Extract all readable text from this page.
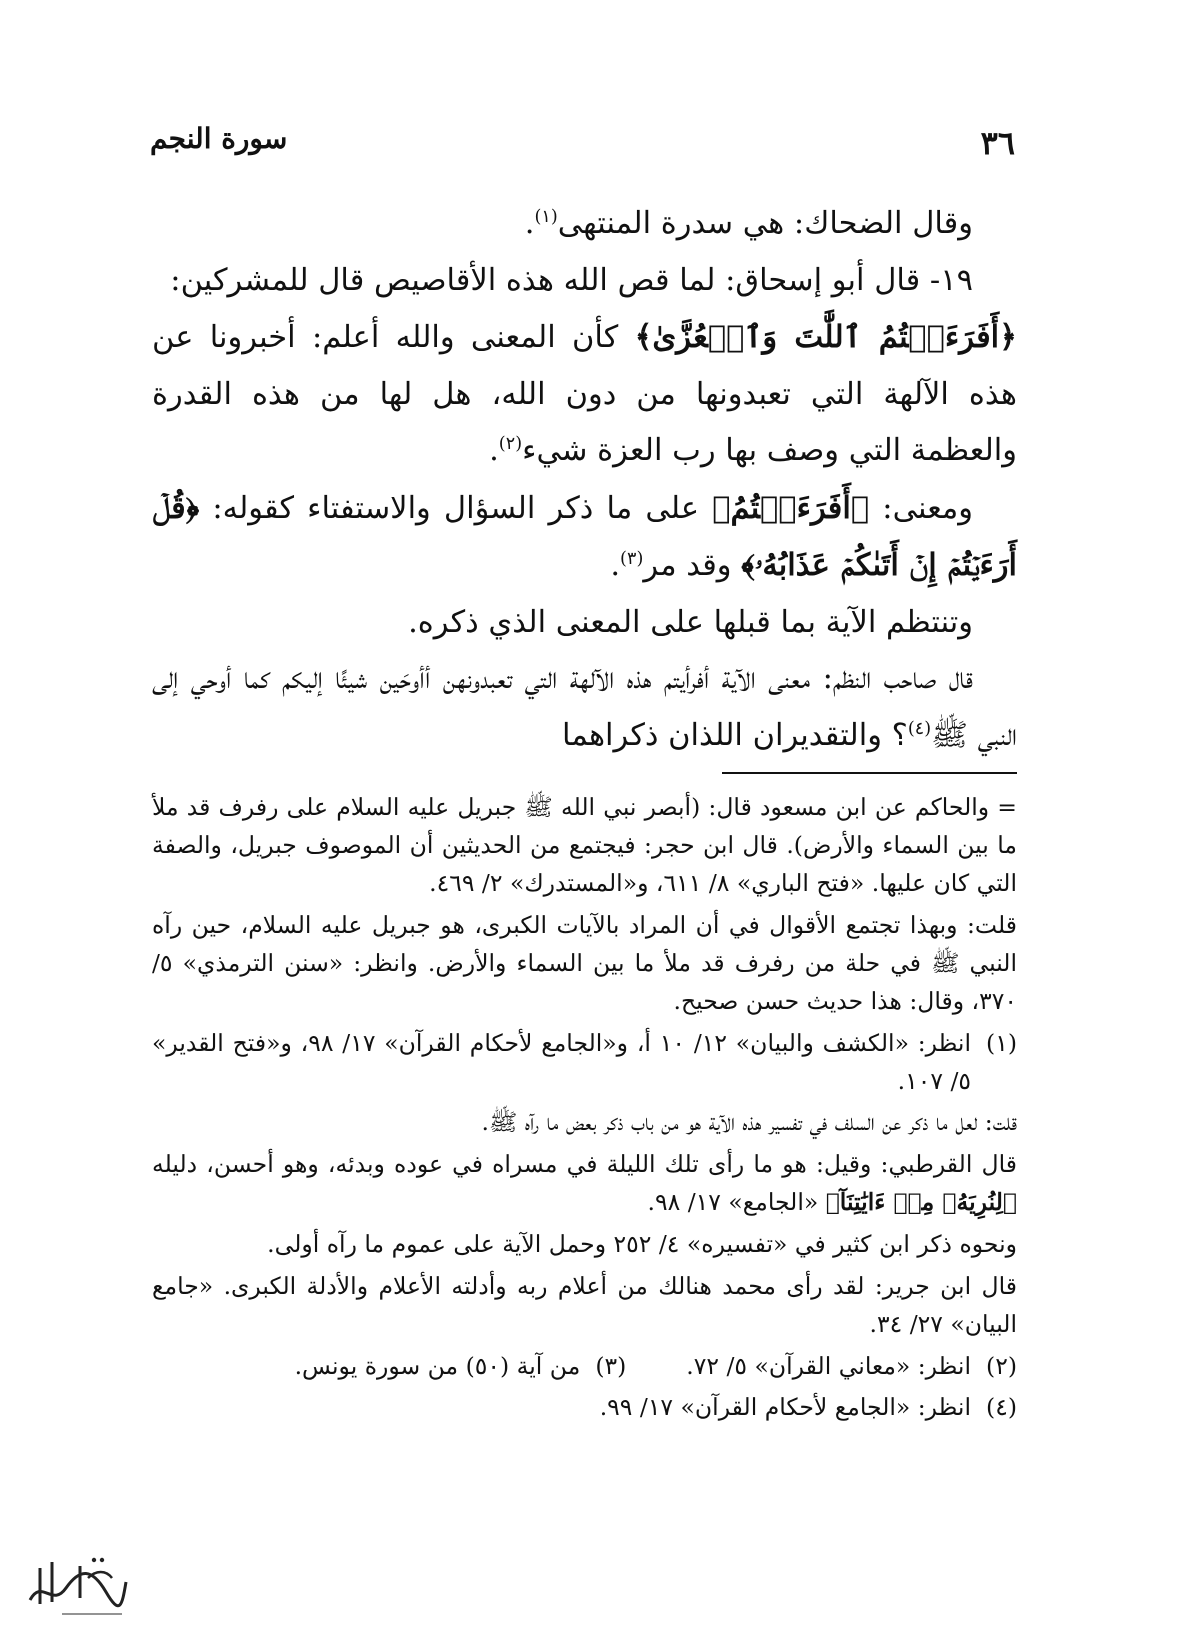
٣٦
سورة النجم

وقال الضحاك: هي سدرة المنتهى$^{(١)}$.

١٩- قال أبو إسحاق: لما قص الله هذه الأقاصيص قال للمشركين:

﴿أَفَرَءَيۡتُمُ ٱللَّٰتَ وَٱلۡعُزَّىٰ﴾ كأن المعنى والله أعلم: أخبرونا عن هذه الآلهة التي تعبدونها من دون الله، هل لها من هذه القدرة والعظمة التي وصف بها رب العزة شيء$^{(٢)}$.

ومعنى: ﴿أَفَرَءَيۡتُمُ﴾ على ما ذكر السؤال والاستفتاء كقوله: ﴿قُلۡ أَرَءَيۡتُمۡ إِنۡ أَتَىٰكُمۡ عَذَابُهُۥ﴾ وقد مر$^{(٣)}$.

وتنتظم الآية بما قبلها على المعنى الذي ذكره.

قال صاحب النظم: معنى الآية أفرأيتم هذه الآلهة التي تعبدونهن أأوحَين شيئًا إليكم كما أوحي إلى النبي ﷺ$^{(٤)}$؟ والتقديران اللذان ذكراهما

= والحاكم عن ابن مسعود قال: (أبصر نبي الله ﷺ جبريل عليه السلام على رفرف قد ملأ ما بين السماء والأرض). قال ابن حجر: فيجتمع من الحديثين أن الموصوف جبريل، والصفة التي كان عليها. «فتح الباري» ٨/ ٦١١، و«المستدرك» ٢/ ٤٦٩.
قلت: وبهذا تجتمع الأقوال في أن المراد بالآيات الكبرى، هو جبريل عليه السلام، حين رآه النبي ﷺ في حلة من رفرف قد ملأ ما بين السماء والأرض. وانظر: «سنن الترمذي» ٥/ ٣٧٠، وقال: هذا حديث حسن صحيح.
(١)
انظر: «الكشف والبيان» ١٢/ ١٠ أ، و«الجامع لأحكام القرآن» ١٧/ ٩٨، و«فتح القدير» ٥/ ١٠٧.
قلت: لعل ما ذكر عن السلف في تفسير هذه الآية هو من باب ذكر بعض ما رآه ﷺ.
قال القرطبي: وقيل: هو ما رأى تلك الليلة في مسراه في عوده وبدئه، وهو أحسن، دليله ﴿لِنُرِيَهُۥ مِنۡ ءَايَٰتِنَآ﴾ «الجامع» ١٧/ ٩٨.
ونحوه ذكر ابن كثير في «تفسيره» ٤/ ٢٥٢ وحمل الآية على عموم ما رآه أولى.
قال ابن جرير: لقد رأى محمد هنالك من أعلام ربه وأدلته الأعلام والأدلة الكبرى. «جامع البيان» ٢٧/ ٣٤.
(٢)
انظر: «معاني القرآن» ٥/ ٧٢.
(٣)
من آية (٥٠) من سورة يونس.
(٤)
انظر: «الجامع لأحكام القرآن» ١٧/ ٩٩.
